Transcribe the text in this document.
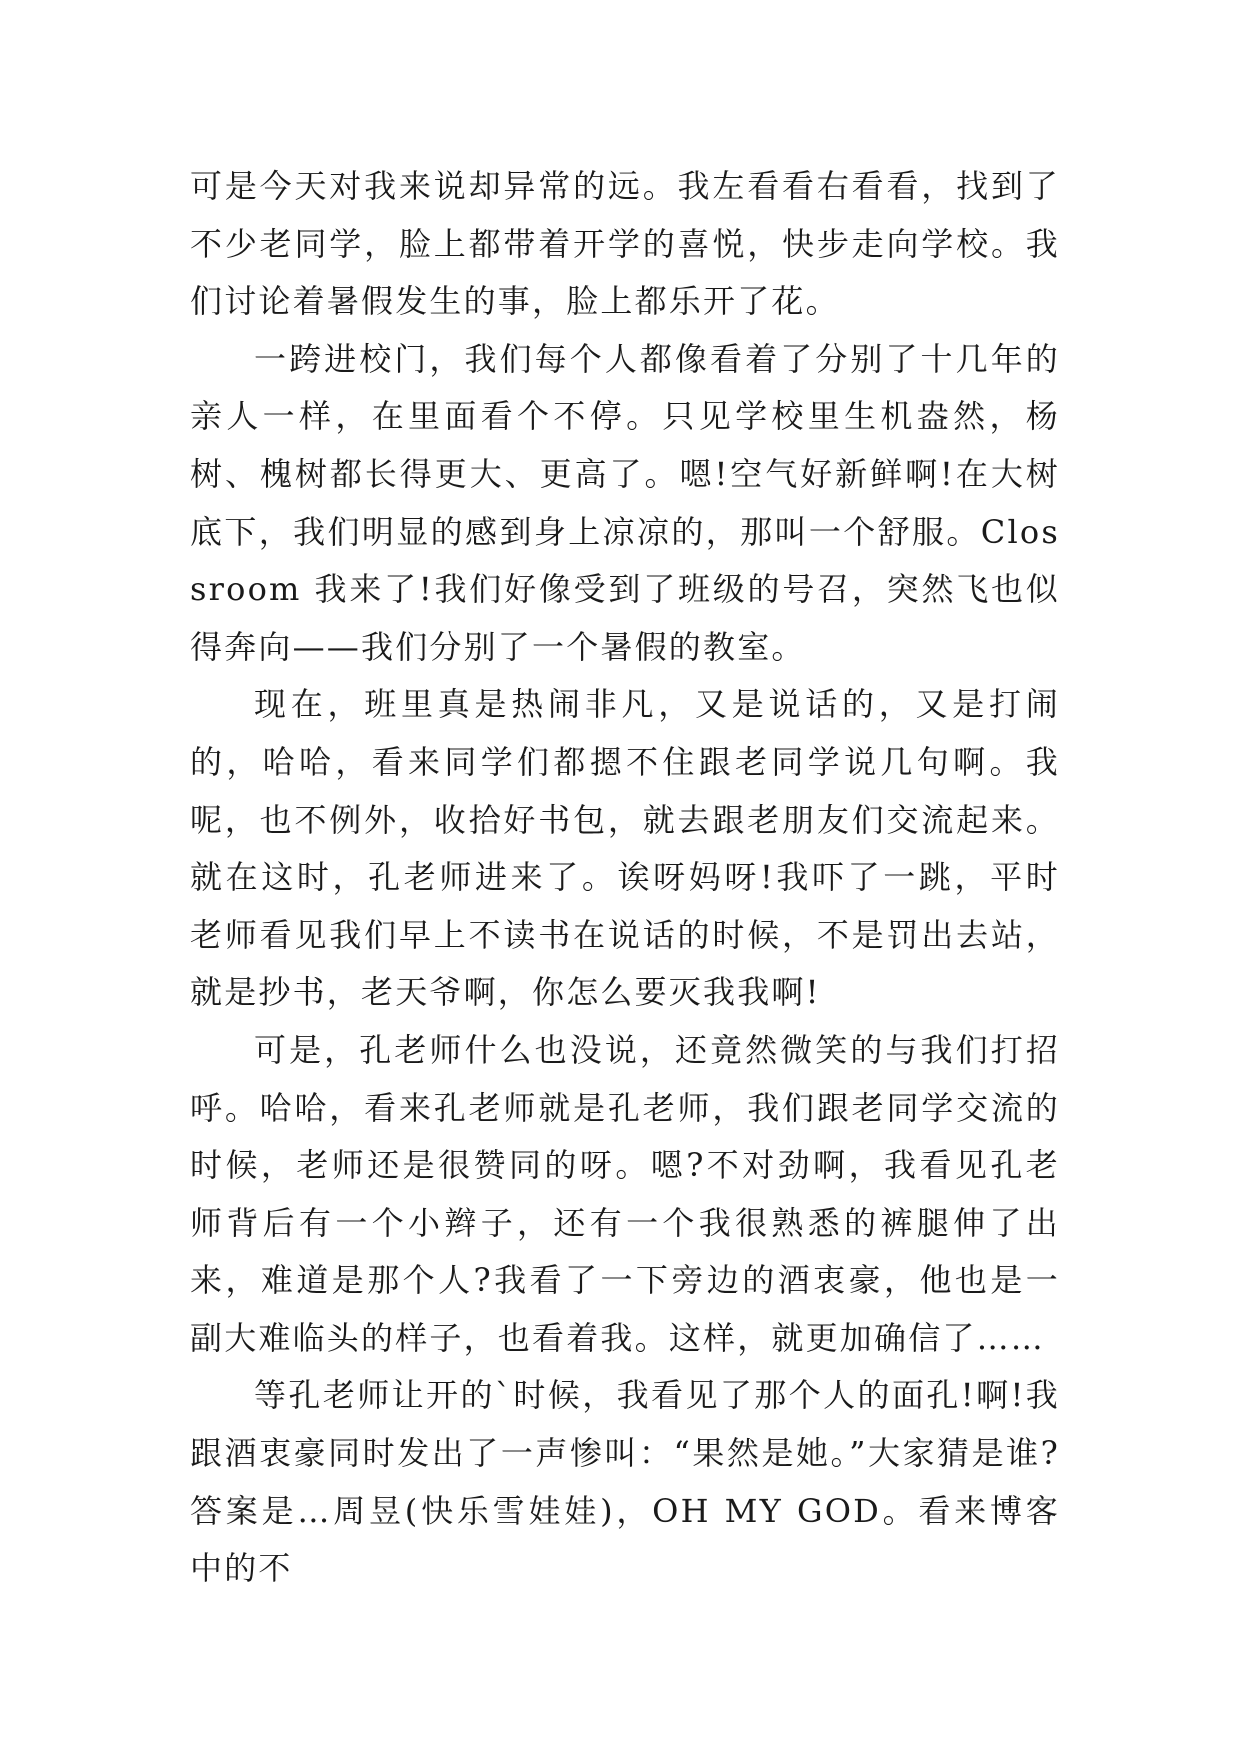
可是今天对我来说却异常的远。我左看看右看看，找到了不少老同学，脸上都带着开学的喜悦，快步走向学校。我们讨论着暑假发生的事，脸上都乐开了花。

一跨进校门，我们每个人都像看着了分别了十几年的亲人一样，在里面看个不停。只见学校里生机盎然，杨树、槐树都长得更大、更高了。嗯!空气好新鲜啊!在大树底下，我们明显的感到身上凉凉的，那叫一个舒服。Clossroom 我来了!我们好像受到了班级的号召，突然飞也似得奔向——我们分别了一个暑假的教室。

现在，班里真是热闹非凡，又是说话的，又是打闹的，哈哈，看来同学们都摁不住跟老同学说几句啊。我呢，也不例外，收拾好书包，就去跟老朋友们交流起来。就在这时，孔老师进来了。诶呀妈呀!我吓了一跳，平时老师看见我们早上不读书在说话的时候，不是罚出去站，就是抄书，老天爷啊，你怎么要灭我我啊!

可是，孔老师什么也没说，还竟然微笑的与我们打招呼。哈哈，看来孔老师就是孔老师，我们跟老同学交流的时候，老师还是很赞同的呀。嗯?不对劲啊，我看见孔老师背后有一个小辫子，还有一个我很熟悉的裤腿伸了出来，难道是那个人?我看了一下旁边的酒衷豪，他也是一副大难临头的样子，也看着我。这样，就更加确信了……

等孔老师让开的`时候，我看见了那个人的面孔!啊!我跟酒衷豪同时发出了一声惨叫：“果然是她。”大家猜是谁?答案是…周昱(快乐雪娃娃)，OH MY GOD。看来博客中的不
